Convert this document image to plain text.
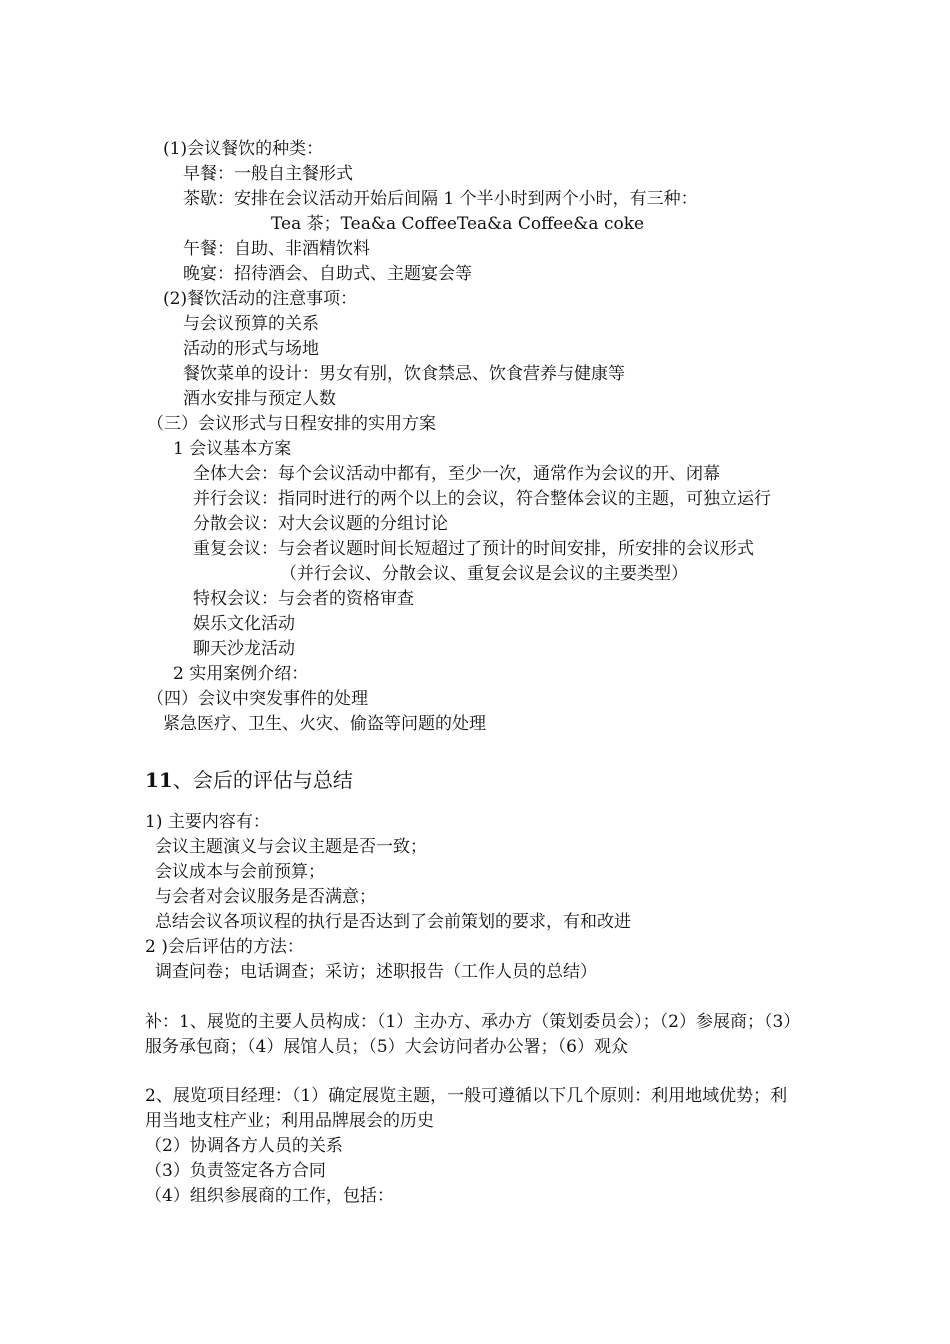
(1)会议餐饮的种类：
早餐：一般自主餐形式
茶歇：安排在会议活动开始后间隔 1 个半小时到两个小时，有三种：
Tea 茶；Tea&a CoffeeTea&a Coffee&a coke
午餐：自助、非酒精饮料
晚宴：招待酒会、自助式、主题宴会等
(2)餐饮活动的注意事项：
与会议预算的关系
活动的形式与场地
餐饮菜单的设计：男女有别，饮食禁忌、饮食营养与健康等
酒水安排与预定人数
（三）会议形式与日程安排的实用方案
1 会议基本方案
全体大会：每个会议活动中都有，至少一次，通常作为会议的开、闭幕
并行会议：指同时进行的两个以上的会议，符合整体会议的主题，可独立运行
分散会议：对大会议题的分组讨论
重复会议：与会者议题时间长短超过了预计的时间安排，所安排的会议形式
（并行会议、分散会议、重复会议是会议的主要类型）
特权会议：与会者的资格审查
娱乐文化活动
聊天沙龙活动
2 实用案例介绍：
（四）会议中突发事件的处理
紧急医疗、卫生、火灾、偷盗等问题的处理
11、会后的评估与总结
1) 主要内容有：
会议主题演义与会议主题是否一致；
会议成本与会前预算；
与会者对会议服务是否满意；
总结会议各项议程的执行是否达到了会前策划的要求，有和改进
2 )会后评估的方法：
调查问卷；电话调查；采访；述职报告（工作人员的总结）
补：1、展览的主要人员构成：（1）主办方、承办方（策划委员会）；（2）参展商；（3）
服务承包商；（4）展馆人员；（5）大会访问者办公署；（6）观众
2、展览项目经理：（1）确定展览主题，一般可遵循以下几个原则：利用地域优势；利
用当地支柱产业；利用品牌展会的历史
（2）协调各方人员的关系
（3）负责签定各方合同
（4）组织参展商的工作，包括：
